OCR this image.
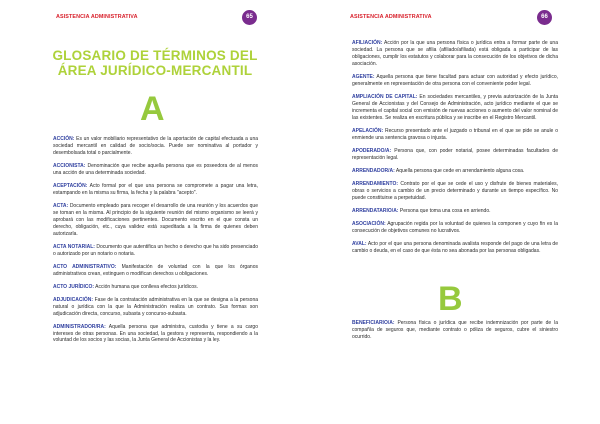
ASISTENCIA ADMINISTRATIVA	65
GLOSARIO DE TÉRMINOS DEL
ÁREA JURÍDICO-MERCANTIL
A

ACCIÓN: Es un valor mobiliario representativo de la aportación de capital efectuada a una sociedad mercantil en calidad de socio/socia. Puede ser nominativa al portador y desembolsada total o parcialmente.

ACCIONISTA: Denominación que recibe aquella persona que es poseedora de al menos una acción de una determinada sociedad.

ACEPTACIÓN: Acto formal por el que una persona se compromete a pagar una letra, estampando en la misma su firma, la fecha y la palabra "acepto".

ACTA: Documento empleado para recoger el desarrollo de una reunión y los acuerdos que se toman en la misma. Al principio de la siguiente reunión del mismo organismo se leerá y aprobará con las modificaciones pertinentes. Documento escrito en el que consta un derecho, obligación, etc., cuya validez está supeditada a la firma de quienes deben autorizarla.

ACTA NOTARIAL: Documento que autentifica un hecho o derecho que ha sido presenciado o autorizado por un notario o notaria.

ACTO ADMINISTRATIVO: Manifestación de voluntad con la que los órganos administrativos crean, extinguen o modifican derechos u obligaciones.

ACTO JURÍDICO: Acción humana que conlleva efectos jurídicos.

ADJUDICACIÓN: Fase de la contratación administrativa en la que se designa a la persona natural o jurídica con la que la Administración realiza un contrato. Sus formas son adjudicación directa, concurso, subasta y concurso-subasta.

ADMINISTRADOR/RA: Aquella persona que administra, custodia y tiene a su cargo intereses de otras personas. En una sociedad, la gestora y representa, respondiendo a la voluntad de los socios y las socias, la Junta General de Accionistas y la ley.

ASISTENCIA ADMINISTRATIVA	66

AFILIACIÓN: Acción por la que una persona física o jurídica entra a formar parte de una sociedad. La persona que se afilia (afiliado/afiliada) está obligada a participar de las obligaciones, cumplir los estatutos y colaborar para la consecución de los objetivos de dicha asociación.

AGENTE: Aquella persona que tiene facultad para actuar con autoridad y efecto jurídico, generalmente en representación de otra persona con el conveniente poder legal.

AMPLIACIÓN DE CAPITAL: En sociedades mercantiles, y previa autorización de la Junta General de Accionistas y del Consejo de Administración, acto jurídico mediante el que se incrementa el capital social con emisión de nuevas acciones o aumento del valor nominal de las existentes. Se realiza en escritura pública y se inscribe en el Registro Mercantil.

APELACIÓN: Recurso presentado ante el juzgado o tribunal en el que se pide se anule o enmiende una sentencia gravosa o injusta.

APODERADO/A: Persona que, con poder notarial, posee determinadas facultades de representación legal.

ARRENDADOR/A: Aquella persona que cede en arrendamiento alguna cosa.

ARRENDAMIENTO: Contrato por el que se cede el uso y disfrute de bienes materiales, obras o servicios a cambio de un precio determinado y durante un tiempo específico. No puede constituirse a perpetuidad.

ARRENDATARIO/A: Persona que toma una cosa en arriendo.

ASOCIACIÓN: Agrupación regida por la voluntad de quienes la componen y cuyo fin es la consecución de objetivos comunes no lucrativos.

AVAL: Acto por el que una persona denominada avalista responde del pago de una letra de cambio o deuda, en el caso de que ésta no sea abonada por las personas obligadas.

B

BENEFICIARIO/A: Persona física o jurídica que recibe indemnización por parte de la compañía de seguros que, mediante contrato o póliza de seguros, cubre el siniestro ocurrido.
